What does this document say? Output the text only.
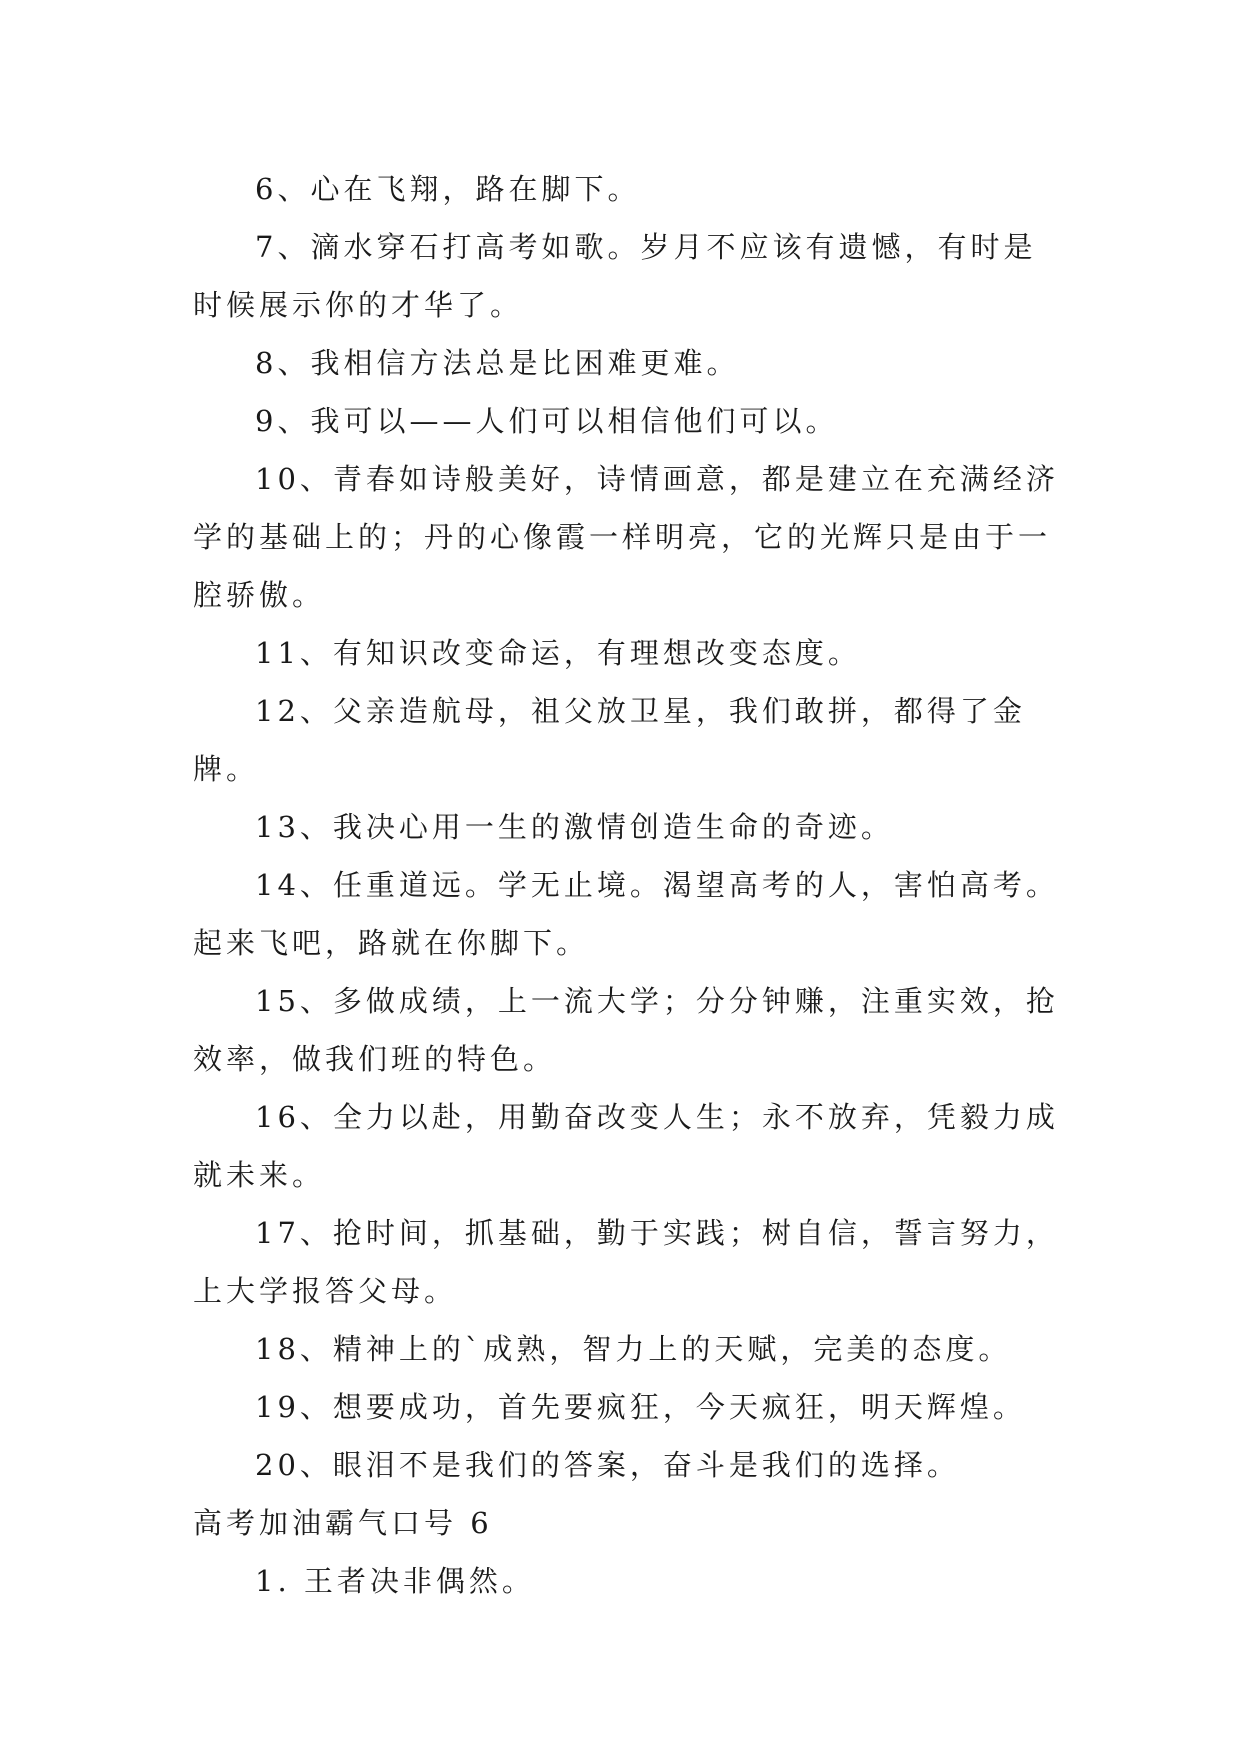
6、心在飞翔，路在脚下。

7、滴水穿石打高考如歌。岁月不应该有遗憾，有时是时候展示你的才华了。

8、我相信方法总是比困难更难。

9、我可以——人们可以相信他们可以。

10、青春如诗般美好，诗情画意，都是建立在充满经济学的基础上的；丹的心像霞一样明亮，它的光辉只是由于一腔骄傲。

11、有知识改变命运，有理想改变态度。

12、父亲造航母，祖父放卫星，我们敢拼，都得了金牌。

13、我决心用一生的激情创造生命的奇迹。

14、任重道远。学无止境。渴望高考的人，害怕高考。起来飞吧，路就在你脚下。

15、多做成绩，上一流大学；分分钟赚，注重实效，抢效率，做我们班的特色。

16、全力以赴，用勤奋改变人生；永不放弃，凭毅力成就未来。

17、抢时间，抓基础，勤于实践；树自信，誓言努力，上大学报答父母。

18、精神上的`成熟，智力上的天赋，完美的态度。

19、想要成功，首先要疯狂，今天疯狂，明天辉煌。

20、眼泪不是我们的答案，奋斗是我们的选择。

高考加油霸气口号 6

1. 王者决非偶然。
